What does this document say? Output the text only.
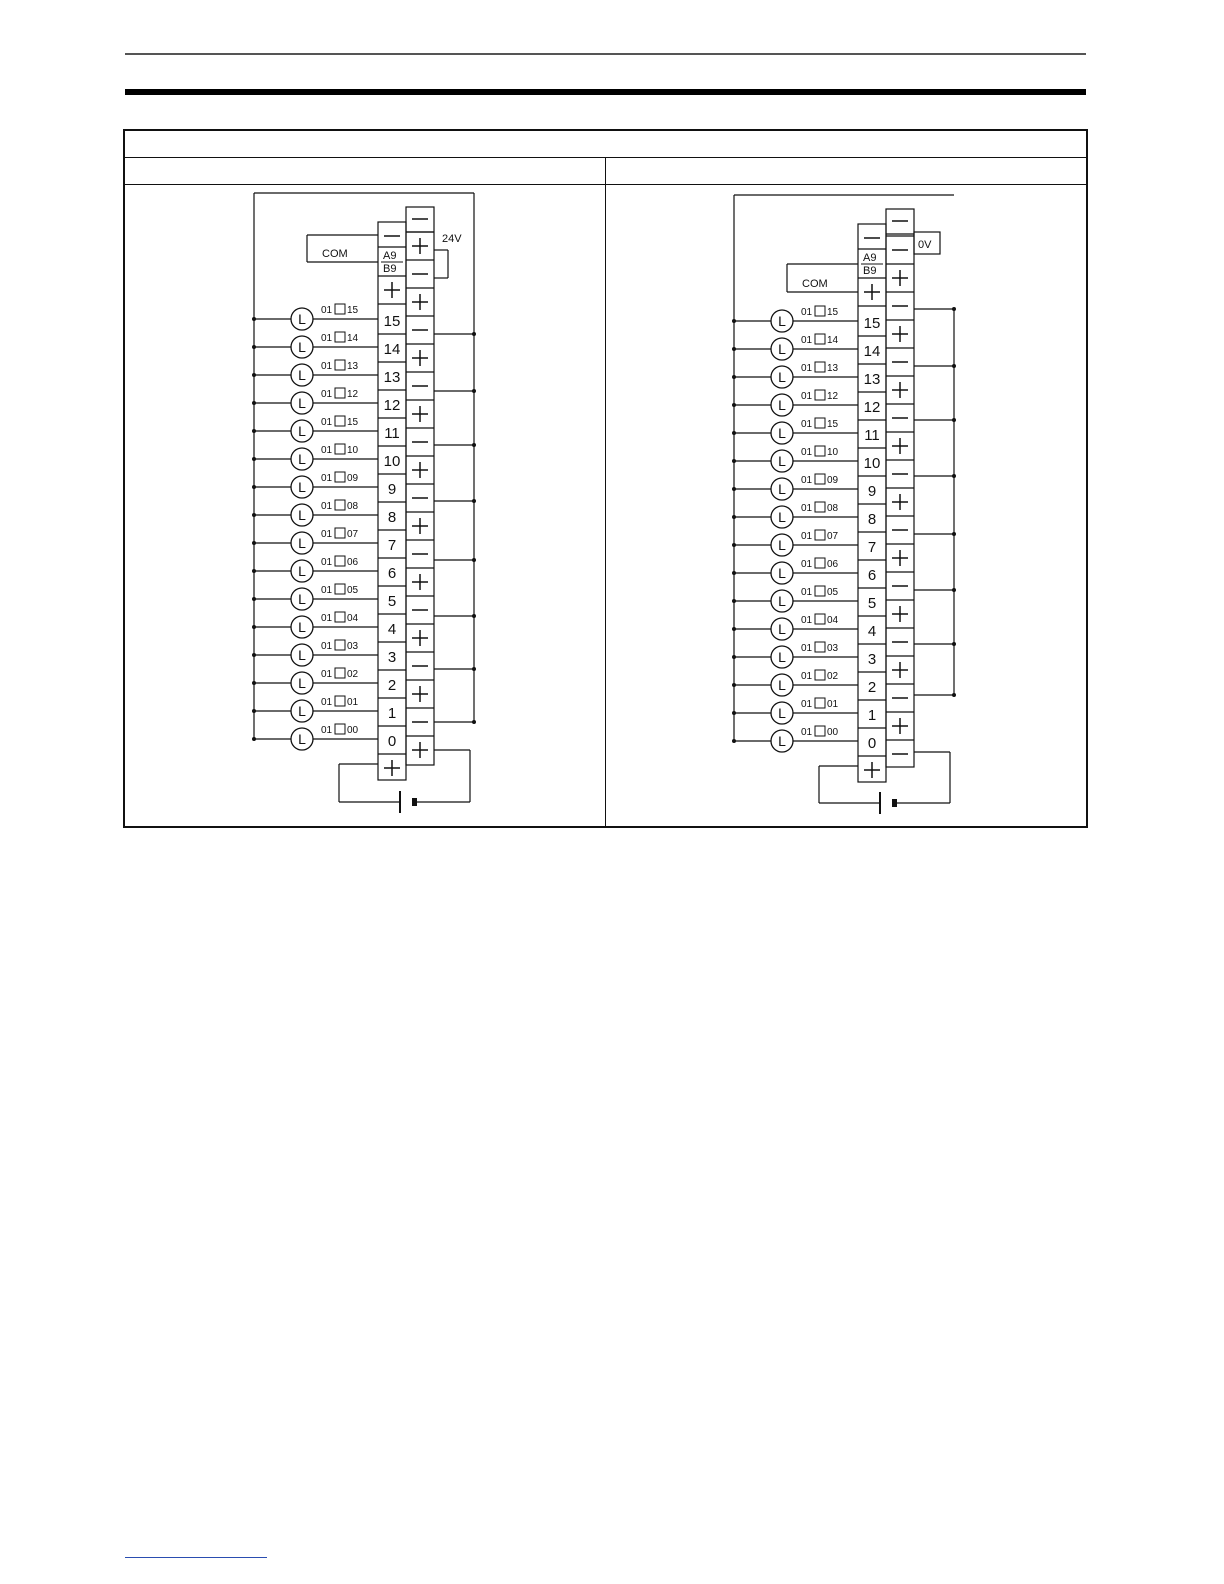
A9
B9
15
14
13
12
11
10
9
8
7
6
5
4
3
2
1
0
L
01 15
L
01 14
L
01 13
L
01 12
L
01 15
L
01 10
L
01 09
L
01 08
L
01 07
L
01 06
L
01 05
L
01 04
L
01 03
L
01 02
L
01 01
L
01 00
COM
24V
A9
B9
15
14
13
12
11
10
9
8
7
6
5
4
3
2
1
0
L
01 15
L
01 14
L
01 13
L
01 12
L
01 15
L
01 10
L
01 09
L
01 08
L
01 07
L
01 06
L
01 05
L
01 04
L
01 03
L
01 02
L
01 01
L
01 00
COM
0V
